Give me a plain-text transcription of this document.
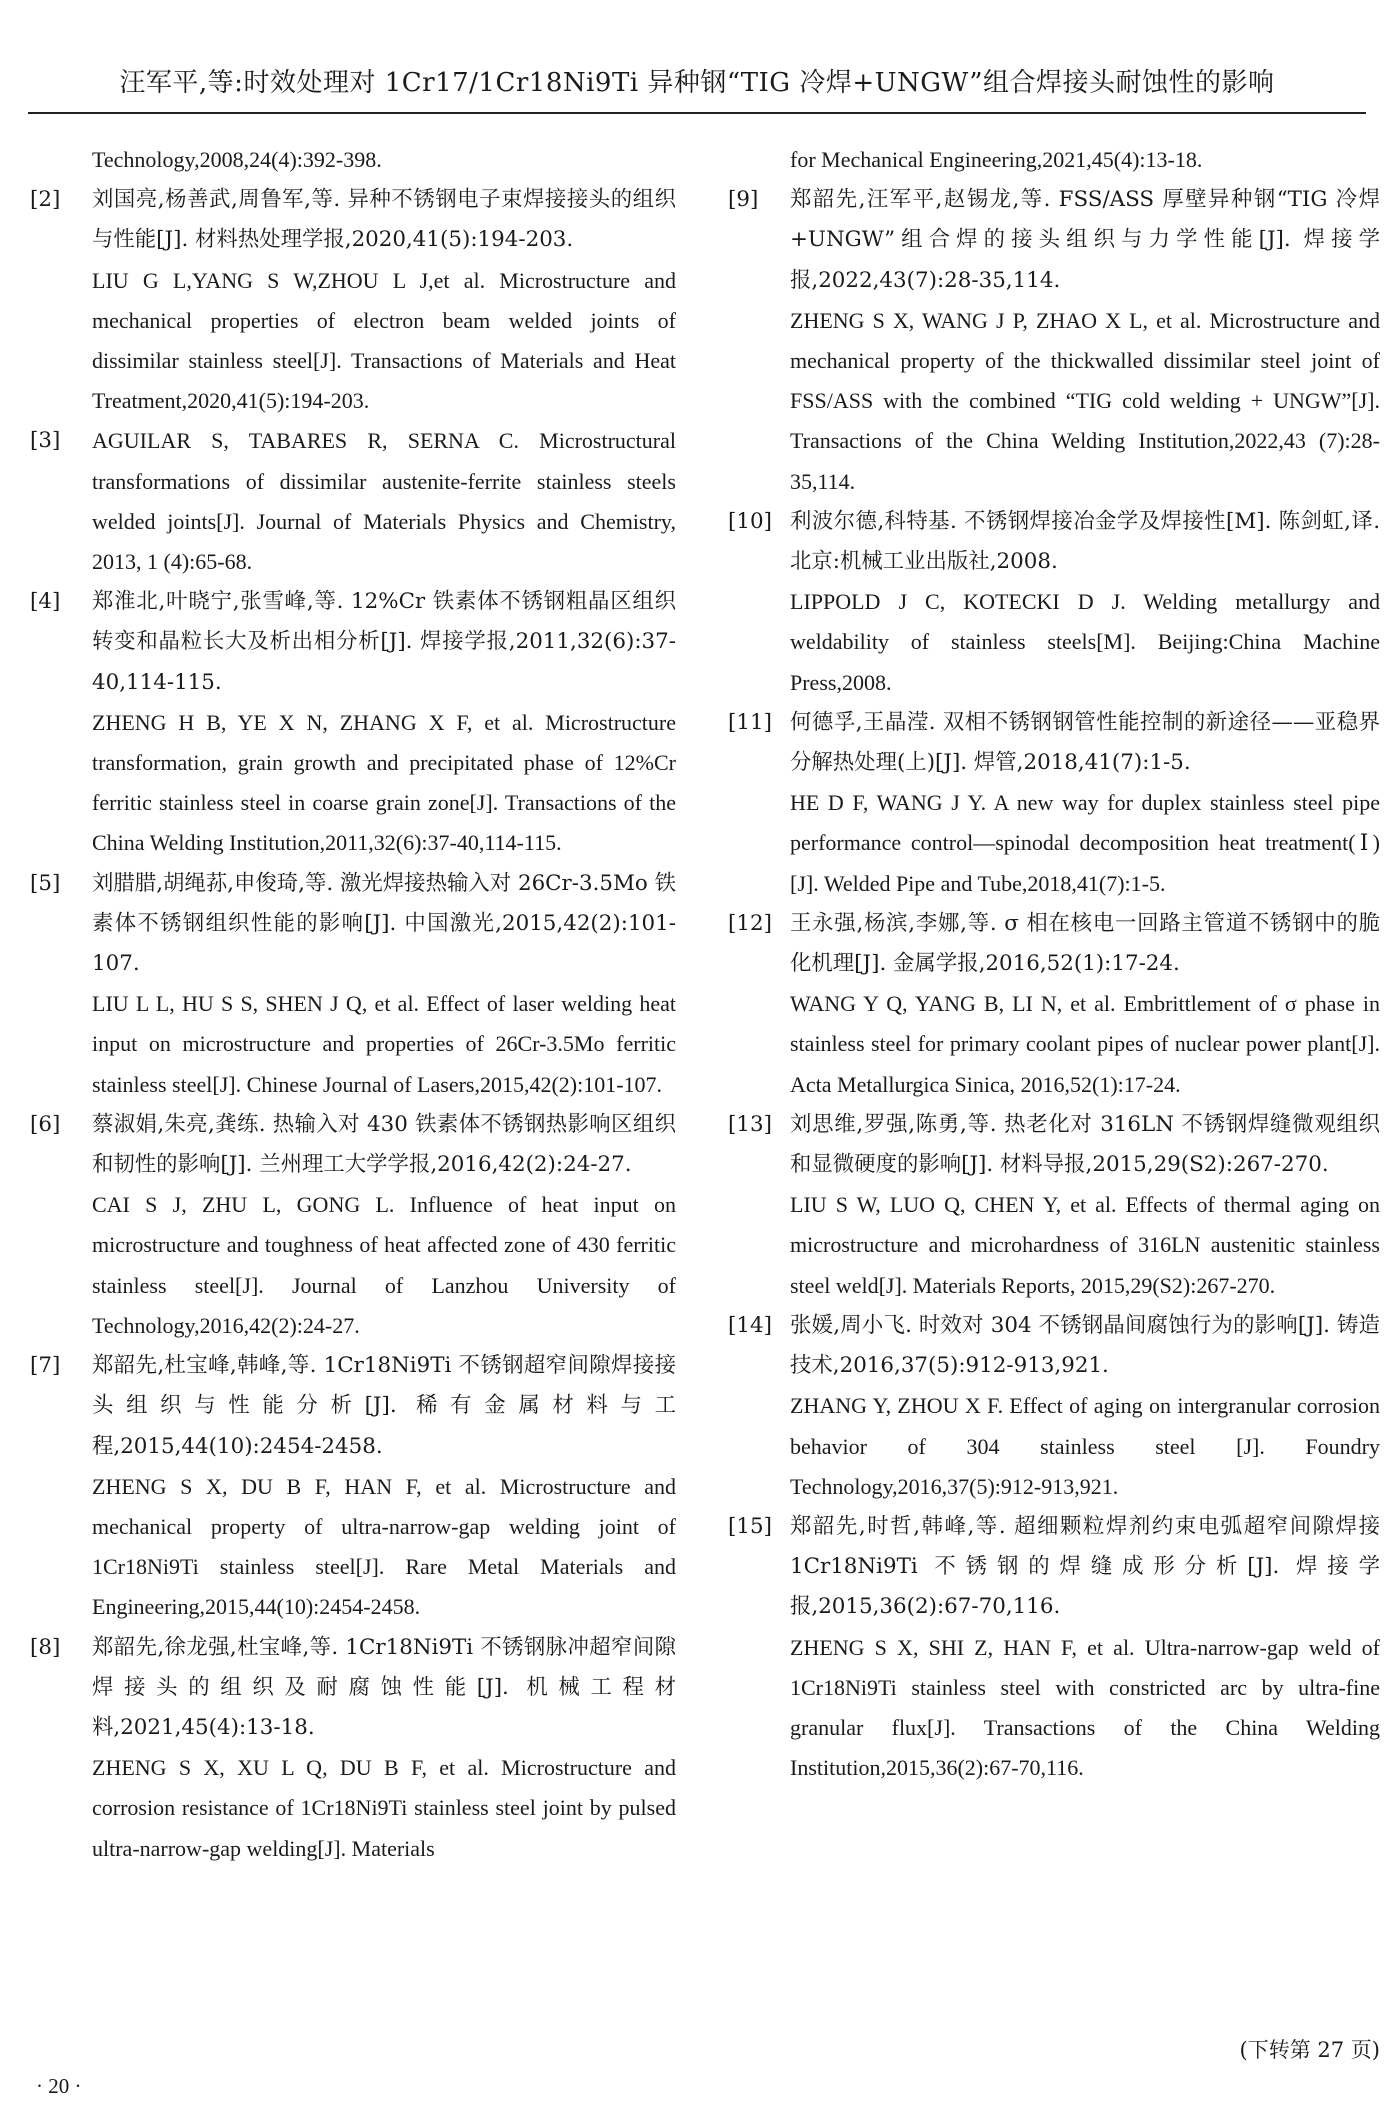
汪军平,等:时效处理对 1Cr17/1Cr18Ni9Ti 异种钢“TIG 冷焊+UNGW”组合焊接头耐蚀性的影响

Technology,2008,24(4):392-398.

[2]	刘国亮,杨善武,周鲁军,等. 异种不锈钢电子束焊接接头的组织与性能[J]. 材料热处理学报,2020,41(5):194-203.

LIU G L,YANG S W,ZHOU L J,et al. Microstructure and mechanical properties of electron beam welded joints of dissimilar stainless steel[J]. Transactions of Materials and Heat Treatment,2020,41(5):194-203.

[3]	AGUILAR S, TABARES R, SERNA C. Microstructural transformations of dissimilar austenite-ferrite stainless steels welded joints[J]. Journal of Materials Physics and Chemistry, 2013, 1 (4):65-68.

[4]	郑淮北,叶晓宁,张雪峰,等. 12%Cr 铁素体不锈钢粗晶区组织转变和晶粒长大及析出相分析[J]. 焊接学报,2011,32(6):37-40,114-115.

ZHENG H B, YE X N, ZHANG X F, et al. Microstructure transformation, grain growth and precipitated phase of 12%Cr ferritic stainless steel in coarse grain zone[J]. Transactions of the China Welding Institution,2011,32(6):37-40,114-115.

[5]	刘腊腊,胡绳荪,申俊琦,等. 激光焊接热输入对 26Cr-3.5Mo 铁素体不锈钢组织性能的影响[J]. 中国激光,2015,42(2):101-107.

LIU L L, HU S S, SHEN J Q, et al. Effect of laser welding heat input on microstructure and properties of 26Cr-3.5Mo ferritic stainless steel[J]. Chinese Journal of Lasers,2015,42(2):101-107.

[6]	蔡淑娟,朱亮,龚练. 热输入对 430 铁素体不锈钢热影响区组织和韧性的影响[J]. 兰州理工大学学报,2016,42(2):24-27.

CAI S J, ZHU L, GONG L. Influence of heat input on microstructure and toughness of heat affected zone of 430 ferritic stainless steel[J]. Journal of Lanzhou University of Technology,2016,42(2):24-27.

[7]	郑韶先,杜宝峰,韩峰,等. 1Cr18Ni9Ti 不锈钢超窄间隙焊接接头组织与性能分析[J]. 稀有金属材料与工程,2015,44(10):2454-2458.

ZHENG S X, DU B F, HAN F, et al. Microstructure and mechanical property of ultra-narrow-gap welding joint of 1Cr18Ni9Ti stainless steel[J]. Rare Metal Materials and Engineering,2015,44(10):2454-2458.

[8]	郑韶先,徐龙强,杜宝峰,等. 1Cr18Ni9Ti 不锈钢脉冲超窄间隙焊接头的组织及耐腐蚀性能[J]. 机械工程材料,2021,45(4):13-18.

ZHENG S X, XU L Q, DU B F, et al. Microstructure and corrosion resistance of 1Cr18Ni9Ti stainless steel joint by pulsed ultra-narrow-gap welding[J]. Materials

for Mechanical Engineering,2021,45(4):13-18.

[9]	郑韶先,汪军平,赵锡龙,等. FSS/ASS 厚壁异种钢“TIG 冷焊+UNGW”组合焊的接头组织与力学性能[J]. 焊接学报,2022,43(7):28-35,114.

ZHENG S X, WANG J P, ZHAO X L, et al. Microstructure and mechanical property of the thickwalled dissimilar steel joint of FSS/ASS with the combined “TIG cold welding + UNGW”[J]. Transactions of the China Welding Institution,2022,43 (7):28-35,114.

[10] 利波尔德,科特基. 不锈钢焊接冶金学及焊接性[M]. 陈剑虹,译. 北京:机械工业出版社,2008.

LIPPOLD J C, KOTECKI D J. Welding metallurgy and weldability of stainless steels[M]. Beijing:China Machine Press,2008.

[11] 何德孚,王晶滢. 双相不锈钢钢管性能控制的新途径——亚稳界分解热处理(上)[J]. 焊管,2018,41(7):1-5.

HE D F, WANG J Y. A new way for duplex stainless steel pipe performance control—spinodal decomposition heat treatment(Ⅰ)[J]. Welded Pipe and Tube,2018,41(7):1-5.

[12] 王永强,杨滨,李娜,等. σ 相在核电一回路主管道不锈钢中的脆化机理[J]. 金属学报,2016,52(1):17-24.

WANG Y Q, YANG B, LI N, et al. Embrittlement of σ phase in stainless steel for primary coolant pipes of nuclear power plant[J]. Acta Metallurgica Sinica, 2016,52(1):17-24.

[13] 刘思维,罗强,陈勇,等. 热老化对 316LN 不锈钢焊缝微观组织和显微硬度的影响[J]. 材料导报,2015,29(S2):267-270.

LIU S W, LUO Q, CHEN Y, et al. Effects of thermal aging on microstructure and microhardness of 316LN austenitic stainless steel weld[J]. Materials Reports, 2015,29(S2):267-270.

[14] 张媛,周小飞. 时效对 304 不锈钢晶间腐蚀行为的影响[J]. 铸造技术,2016,37(5):912-913,921.

ZHANG Y, ZHOU X F. Effect of aging on intergranular corrosion behavior of 304 stainless steel [J]. Foundry Technology,2016,37(5):912-913,921.

[15] 郑韶先,时哲,韩峰,等. 超细颗粒焊剂约束电弧超窄间隙焊接 1Cr18Ni9Ti 不锈钢的焊缝成形分析[J]. 焊接学报,2015,36(2):67-70,116.

ZHENG S X, SHI Z, HAN F, et al. Ultra-narrow-gap weld of 1Cr18Ni9Ti stainless steel with constricted arc by ultra-fine granular flux[J]. Transactions of the China Welding Institution,2015,36(2):67-70,116.

(下转第 27 页)
· 20 ·
